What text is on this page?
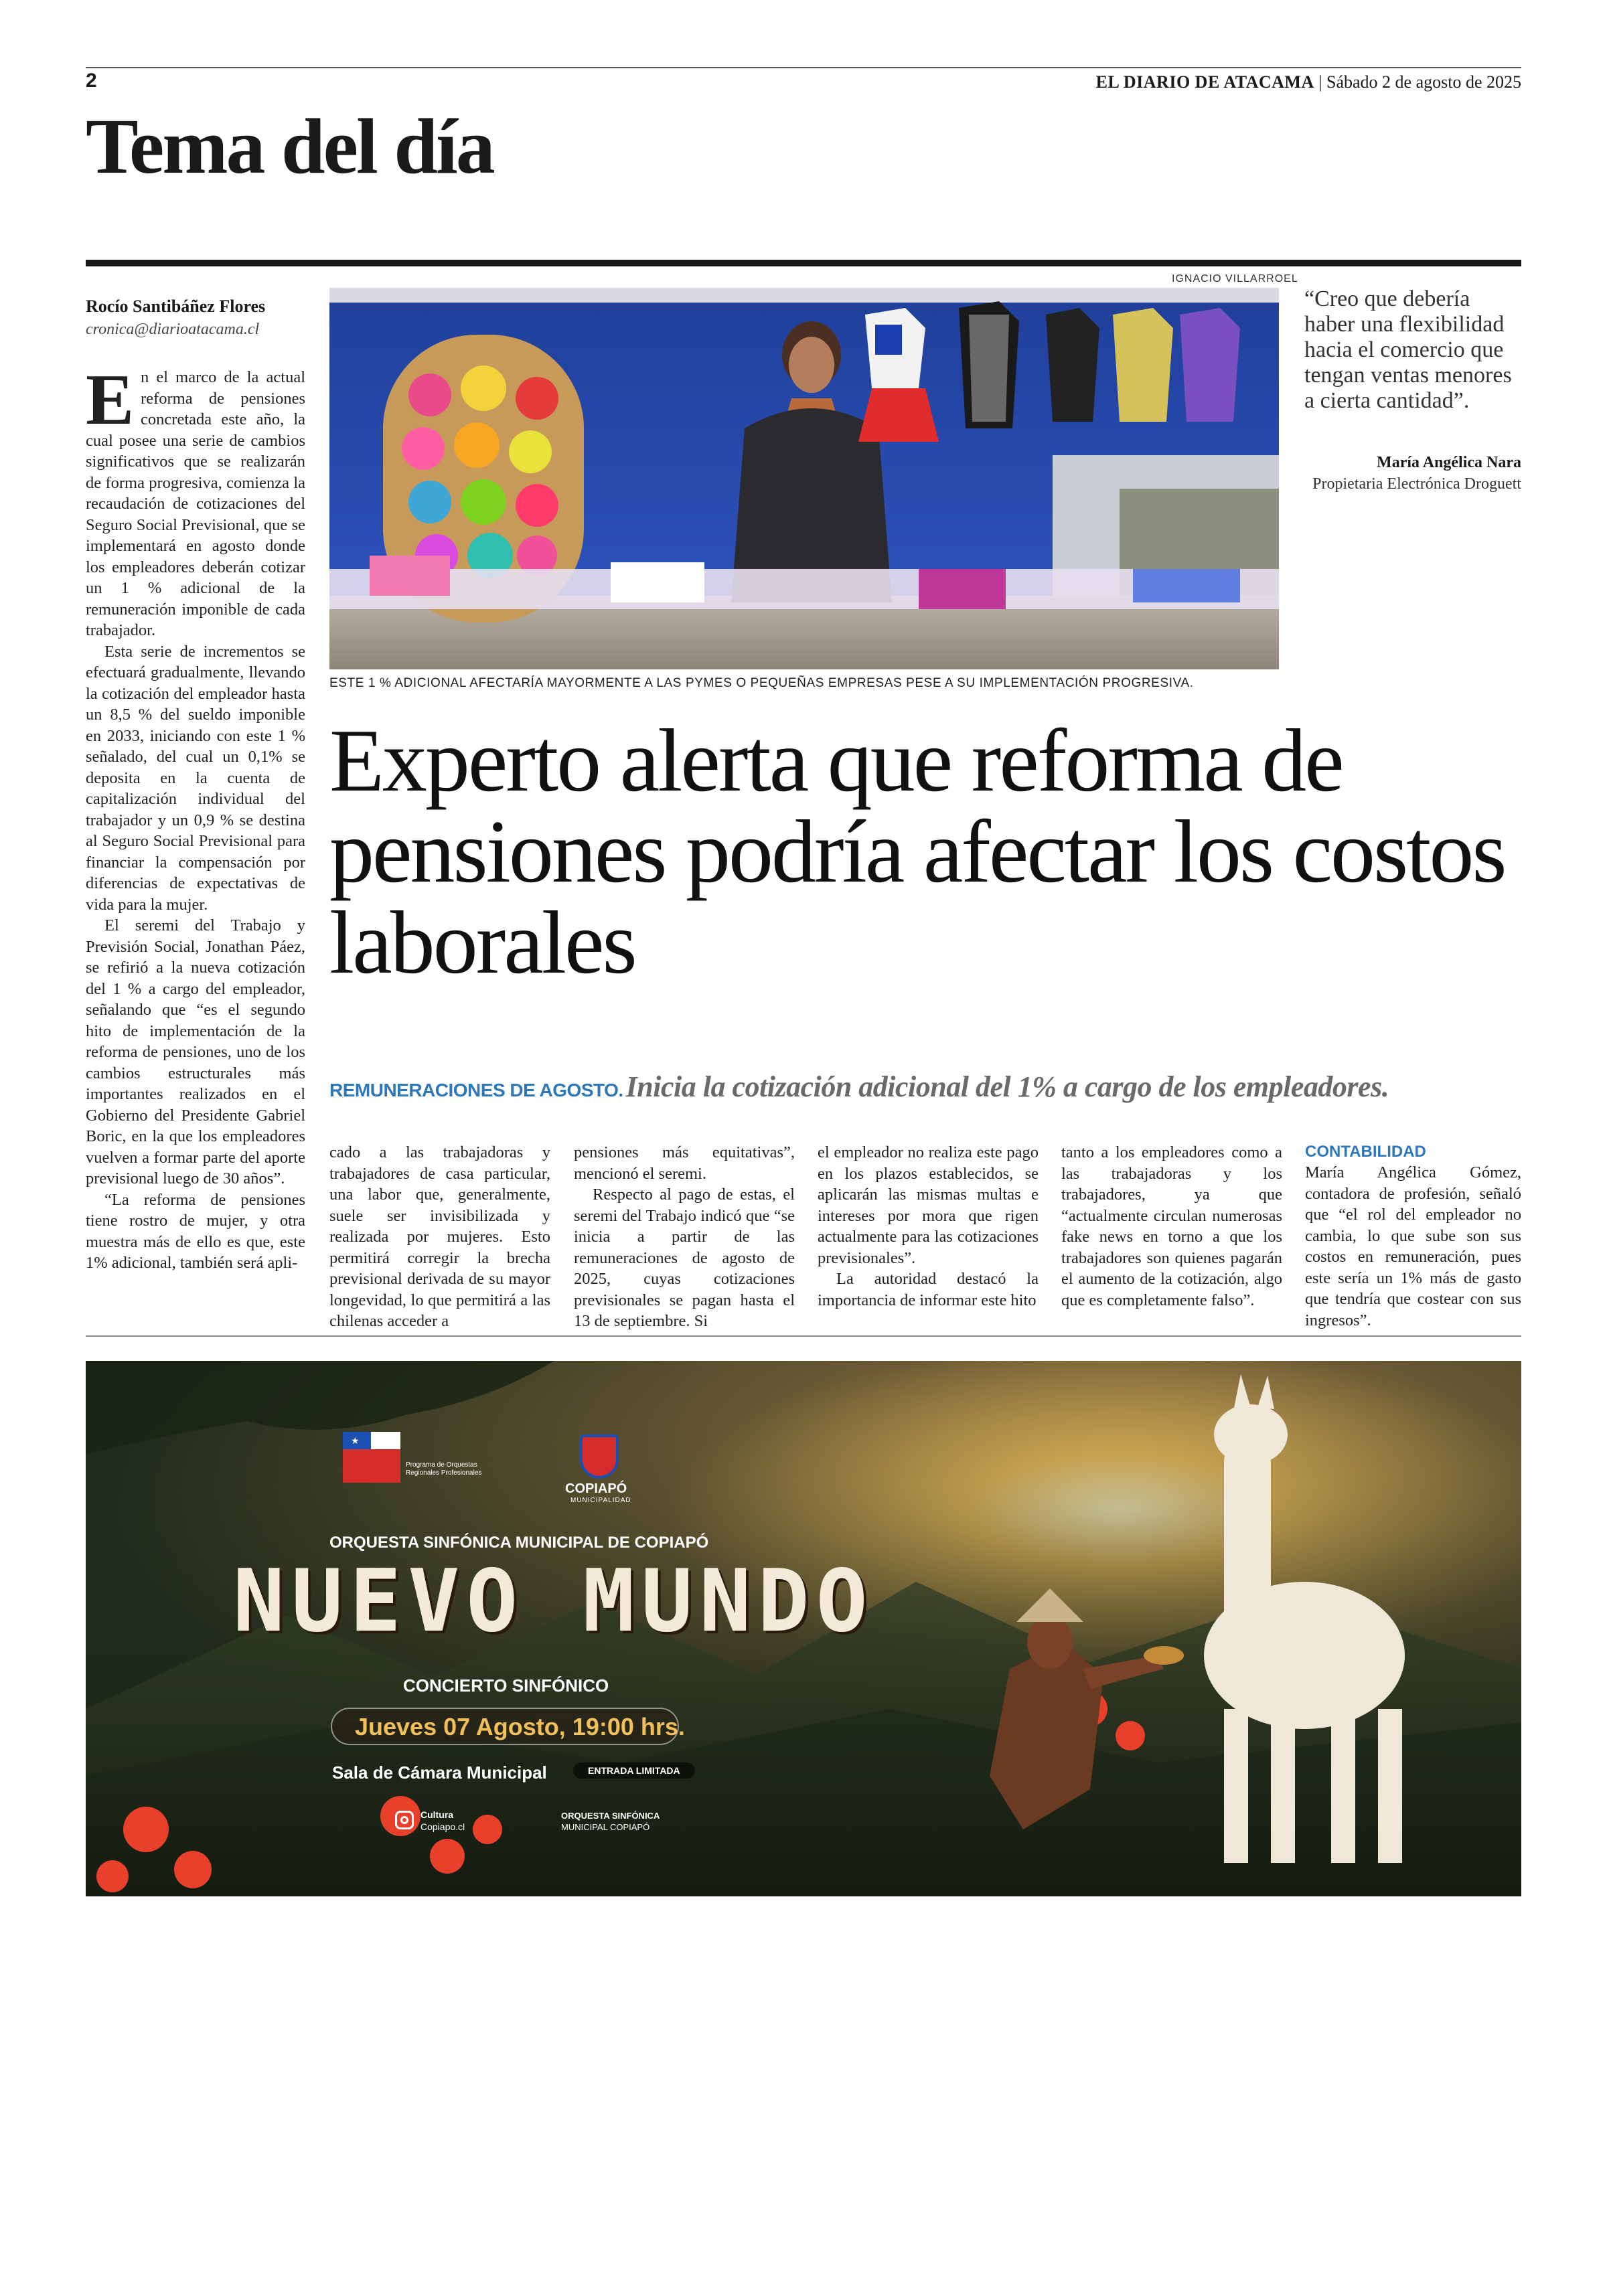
2	EL DIARIO DE ATACAMA | Sábado 2 de agosto de 2025
Tema del día
Rocío Santibáñez Flores
cronica@diarioatacama.cl

E n el marco de la actual reforma de pensiones concretada este año, la cual posee una serie de cambios significativos que se realizarán de forma progresiva, comienza la recaudación de cotizaciones del Seguro Social Previsional, que se implementará en agosto donde los empleadores deberán cotizar un 1 % adicional de la remuneración imponible de cada trabajador.

Esta serie de incrementos se efectuará gradualmente, llevando la cotización del empleador hasta un 8,5 % del sueldo imponible en 2033, iniciando con este 1 % señalado, del cual un 0,1% se deposita en la cuenta de capitalización individual del trabajador y un 0,9 % se destina al Seguro Social Previsional para financiar la compensación por diferencias de expectativas de vida para la mujer.

El seremi del Trabajo y Previsión Social, Jonathan Páez, se refirió a la nueva cotización del 1 % a cargo del empleador, señalando que “es el segundo hito de implementación de la reforma de pensiones, uno de los cambios estructurales más importantes realizados en el Gobierno del Presidente Gabriel Boric, en la que los empleadores vuelven a formar parte del aporte previsional luego de 30 años”.

“La reforma de pensiones tiene rostro de mujer, y otra muestra más de ello es que, este 1% adicional, también será apli-

IGNACIO VILLARROEL
ESTE 1 % ADICIONAL AFECTARÍA MAYORMENTE A LAS PYMES O PEQUEÑAS EMPRESAS PESE A SU IMPLEMENTACIÓN PROGRESIVA.
“Creo que debería haber una flexibilidad hacia el comercio que tengan ventas menores a cierta cantidad”.
María Angélica Nara
Propietaria Electrónica Droguett
Experto alerta que reforma de pensiones podría afectar los costos laborales
REMUNERACIONES DE AGOSTO. Inicia la cotización adicional del 1% a cargo de los empleadores.

cado a las trabajadoras y trabajadores de casa particular, una labor que, generalmente, suele ser invisibilizada y realizada por mujeres. Esto permitirá corregir la brecha previsional derivada de su mayor longevidad, lo que permitirá a las chilenas acceder a

pensiones más equitativas”, mencionó el seremi.

Respecto al pago de estas, el seremi del Trabajo indicó que “se inicia a partir de las remuneraciones de agosto de 2025, cuyas cotizaciones previsionales se pagan hasta el 13 de septiembre. Si

el empleador no realiza este pago en los plazos establecidos, se aplicarán las mismas multas e intereses por mora que rigen actualmente para las cotizaciones previsionales”.

La autoridad destacó la importancia de informar este hito

tanto a los empleadores como a las trabajadoras y los trabajadores, ya que “actualmente circulan numerosas fake news en torno a que los trabajadores son quienes pagarán el aumento de la cotización, algo que es completamente falso”.

CONTABILIDAD

María Angélica Gómez, contadora de profesión, señaló que “el rol del empleador no cambia, lo que sube son sus costos en remuneración, pues este sería un 1% más de gasto que tendría que costear con sus ingresos”.

★
Programa de Orquestas Regionales Profesionales
COPIAPÓ
MUNICIPALIDAD
ORQUESTA SINFÓNICA MUNICIPAL DE COPIAPÓ
NUEVO MUNDO
CONCIERTO SINFÓNICO
Jueves 07 Agosto, 19:00 hrs.
Sala de Cámara Municipal	ENTRADA LIMITADA
Cultura
Copiapo.cl
ORQUESTA SINFÓNICA
MUNICIPAL COPIAPÓ
